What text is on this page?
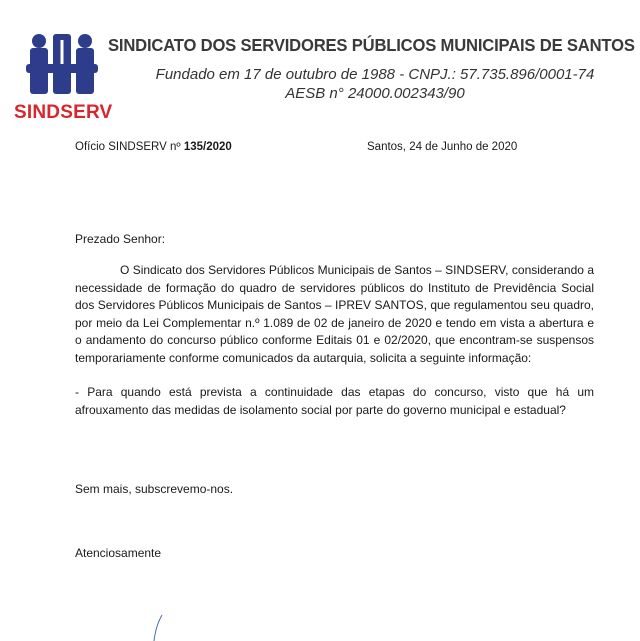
SINDSERV
SINDICATO DOS SERVIDORES PÚBLICOS MUNICIPAIS DE SANTOS
Fundado em 17 de outubro de 1988 - CNPJ.: 57.735.896/0001-74
AESB n° 24000.002343/90
Ofício SINDSERV nº 135/2020	Santos, 24 de Junho de 2020
Prezado Senhor:

O Sindicato dos Servidores Públicos Municipais de Santos – SINDSERV, considerando a necessidade de formação do quadro de servidores públicos do Instituto de Previdência Social dos Servidores Públicos Municipais de Santos – IPREV SANTOS, que regulamentou seu quadro, por meio da Lei Complementar n.º 1.089 de 02 de janeiro de 2020 e tendo em vista a abertura e o andamento do concurso público conforme Editais 01 e 02/2020, que encontram-se suspensos temporariamente conforme comunicados da autarquia, solicita a seguinte informação:

- Para quando está prevista a continuidade das etapas do concurso, visto que há um afrouxamento das medidas de isolamento social por parte do governo municipal e estadual?

Sem mais, subscrevemo-nos.
Atenciosamente
